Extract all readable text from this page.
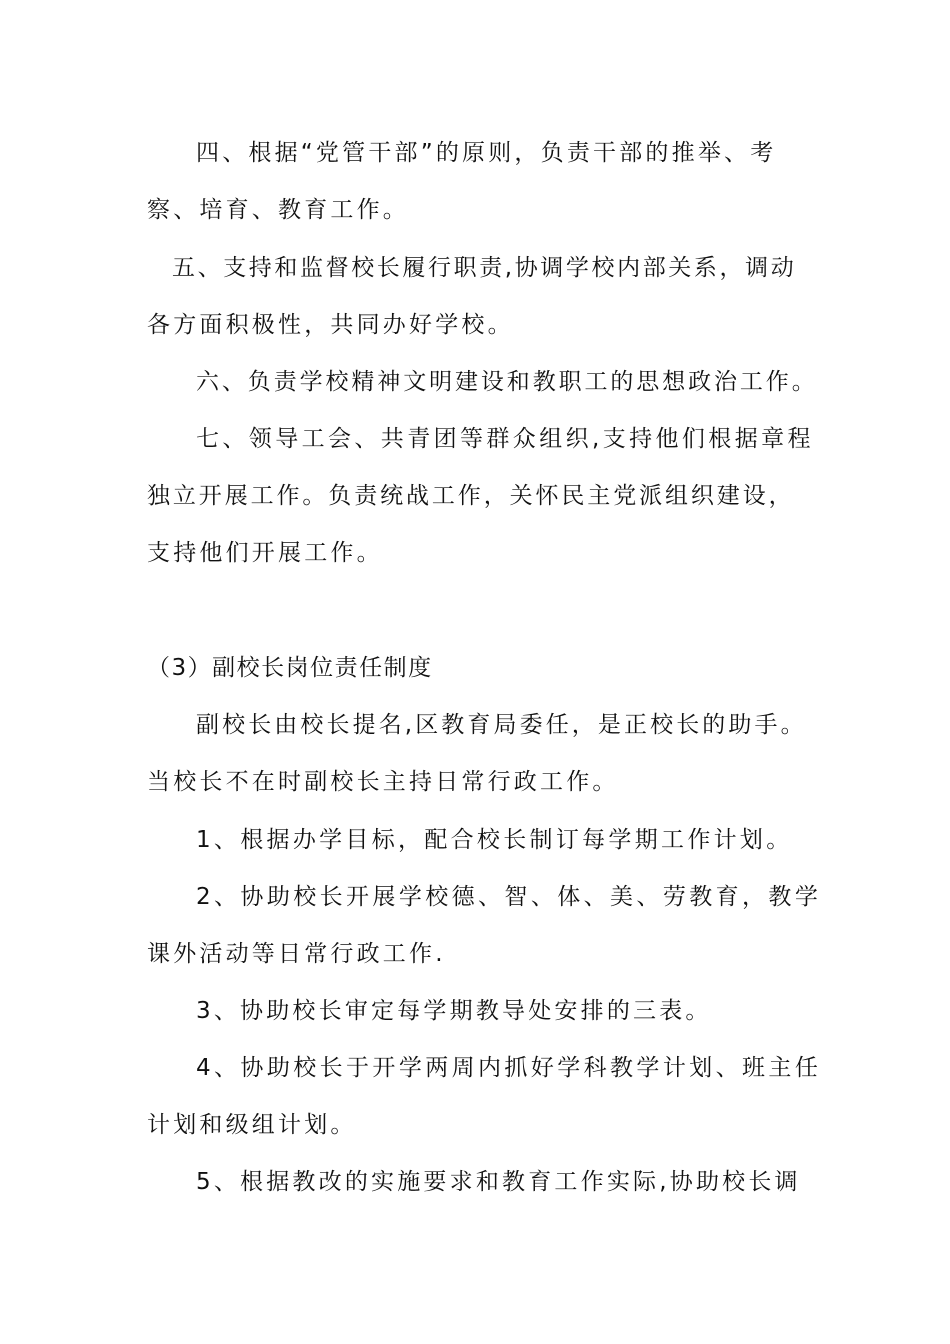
四、根据“党管干部”的原则，负责干部的推举、考
察、培育、教育工作。
五、支持和监督校长履行职责,协调学校内部关系，调动
各方面积极性，共同办好学校。
六、负责学校精神文明建设和教职工的思想政治工作。
七、领导工会、共青团等群众组织,支持他们根据章程
独立开展工作。负责统战工作，关怀民主党派组织建设，
支持他们开展工作。
（3）副校长岗位责任制度
副校长由校长提名,区教育局委任，是正校长的助手。
当校长不在时副校长主持日常行政工作。
1、根据办学目标，配合校长制订每学期工作计划。
2、协助校长开展学校德、智、体、美、劳教育，教学
课外活动等日常行政工作.
3、协助校长审定每学期教导处安排的三表。
4、协助校长于开学两周内抓好学科教学计划、班主任
计划和级组计划。
5、根据教改的实施要求和教育工作实际,协助校长调
